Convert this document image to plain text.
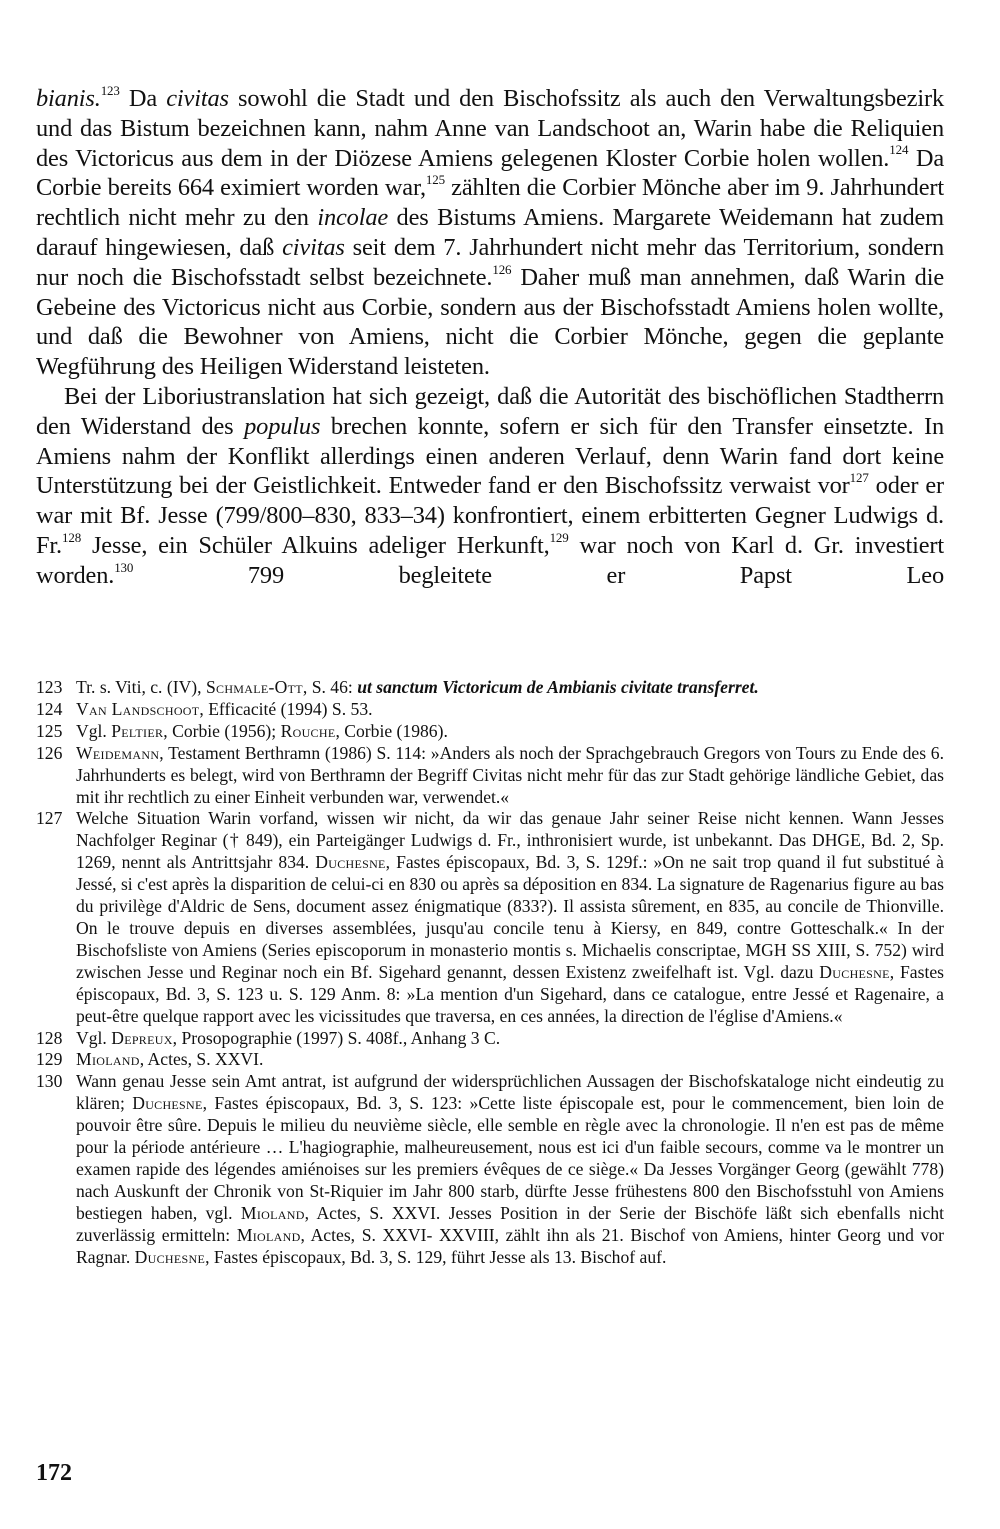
bianis.$^{123}$ Da civitas sowohl die Stadt und den Bischofssitz als auch den Verwaltungsbezirk und das Bistum bezeichnen kann, nahm Anne van Landschoot an, Warin habe die Reliquien des Victoricus aus dem in der Diözese Amiens gelegenen Kloster Corbie holen wollen.$^{124}$ Da Corbie bereits 664 eximiert worden war,$^{125}$ zählten die Corbier Mönche aber im 9. Jahrhundert rechtlich nicht mehr zu den incolae des Bistums Amiens. Margarete Weidemann hat zudem darauf hingewiesen, daß civitas seit dem 7. Jahrhundert nicht mehr das Territorium, sondern nur noch die Bischofsstadt selbst bezeichnete.$^{126}$ Daher muß man annehmen, daß Warin die Gebeine des Victoricus nicht aus Corbie, sondern aus der Bischofsstadt Amiens holen wollte, und daß die Bewohner von Amiens, nicht die Corbier Mönche, gegen die geplante Wegführung des Heiligen Widerstand leisteten.

Bei der Liboriustranslation hat sich gezeigt, daß die Autorität des bischöflichen Stadtherrn den Widerstand des populus brechen konnte, sofern er sich für den Transfer einsetzte. In Amiens nahm der Konflikt allerdings einen anderen Verlauf, denn Warin fand dort keine Unterstützung bei der Geistlichkeit. Entweder fand er den Bischofssitz verwaist vor$^{127}$ oder er war mit Bf. Jesse (799/800–830, 833–34) konfrontiert, einem erbitterten Gegner Ludwigs d. Fr.$^{128}$ Jesse, ein Schüler Alkuins adeliger Herkunft,$^{129}$ war noch von Karl d. Gr. investiert worden.$^{130}$ 799 begleitete er Papst Leo

123 Tr. s. Viti, c. (IV), Schmale-Ott, S. 46: ut sanctum Victoricum de Ambianis civitate transferret.
124 Van Landschoot, Efficacité (1994) S. 53.
125 Vgl. Peltier, Corbie (1956); Rouche, Corbie (1986).
126 Weidemann, Testament Berthramn (1986) S. 114: »Anders als noch der Sprachgebrauch Gregors von Tours zu Ende des 6. Jahrhunderts es belegt, wird von Berthramn der Begriff Civitas nicht mehr für das zur Stadt gehörige ländliche Gebiet, das mit ihr rechtlich zu einer Einheit verbunden war, verwendet.«
127 Welche Situation Warin vorfand, wissen wir nicht, da wir das genaue Jahr seiner Reise nicht kennen. Wann Jesses Nachfolger Reginar († 849), ein Parteigänger Ludwigs d. Fr., inthronisiert wurde, ist unbekannt. Das DHGE, Bd. 2, Sp. 1269, nennt als Antrittsjahr 834. Duchesne, Fastes épiscopaux, Bd. 3, S. 129f.: »On ne sait trop quand il fut substitué à Jessé, si c'est après la disparition de celui-ci en 830 ou après sa déposition en 834. La signature de Ragenarius figure au bas du privilège d'Aldric de Sens, document assez énigmatique (833?). Il assista sûrement, en 835, au concile de Thionville. On le trouve depuis en diverses assemblées, jusqu'au concile tenu à Kiersy, en 849, contre Gotteschalk.« In der Bischofsliste von Amiens (Series episcoporum in monasterio montis s. Michaelis conscriptae, MGH SS XIII, S. 752) wird zwischen Jesse und Reginar noch ein Bf. Sigehard genannt, dessen Existenz zweifelhaft ist. Vgl. dazu Duchesne, Fastes épiscopaux, Bd. 3, S. 123 u. S. 129 Anm. 8: »La mention d'un Sigehard, dans ce catalogue, entre Jessé et Ragenaire, a peut-être quelque rapport avec les vicissitudes que traversa, en ces années, la direction de l'église d'Amiens.«
128 Vgl. Depreux, Prosopographie (1997) S. 408f., Anhang 3 C.
129 Mioland, Actes, S. XXVI.
130 Wann genau Jesse sein Amt antrat, ist aufgrund der widersprüchlichen Aussagen der Bischofskataloge nicht eindeutig zu klären; Duchesne, Fastes épiscopaux, Bd. 3, S. 123: »Cette liste épiscopale est, pour le commencement, bien loin de pouvoir être sûre. Depuis le milieu du neuvième siècle, elle semble en règle avec la chronologie. Il n'en est pas de même pour la période antérieure … L'hagiographie, malheureusement, nous est ici d'un faible secours, comme va le montrer un examen rapide des légendes amiénoises sur les premiers évêques de ce siège.« Da Jesses Vorgänger Georg (gewählt 778) nach Auskunft der Chronik von St-Riquier im Jahr 800 starb, dürfte Jesse frühestens 800 den Bischofsstuhl von Amiens bestiegen haben, vgl. Mioland, Actes, S. XXVI. Jesses Position in der Serie der Bischöfe läßt sich ebenfalls nicht zuverlässig ermitteln: Mioland, Actes, S. XXVI- XXVIII, zählt ihn als 21. Bischof von Amiens, hinter Georg und vor Ragnar. Duchesne, Fastes épiscopaux, Bd. 3, S. 129, führt Jesse als 13. Bischof auf.
172
